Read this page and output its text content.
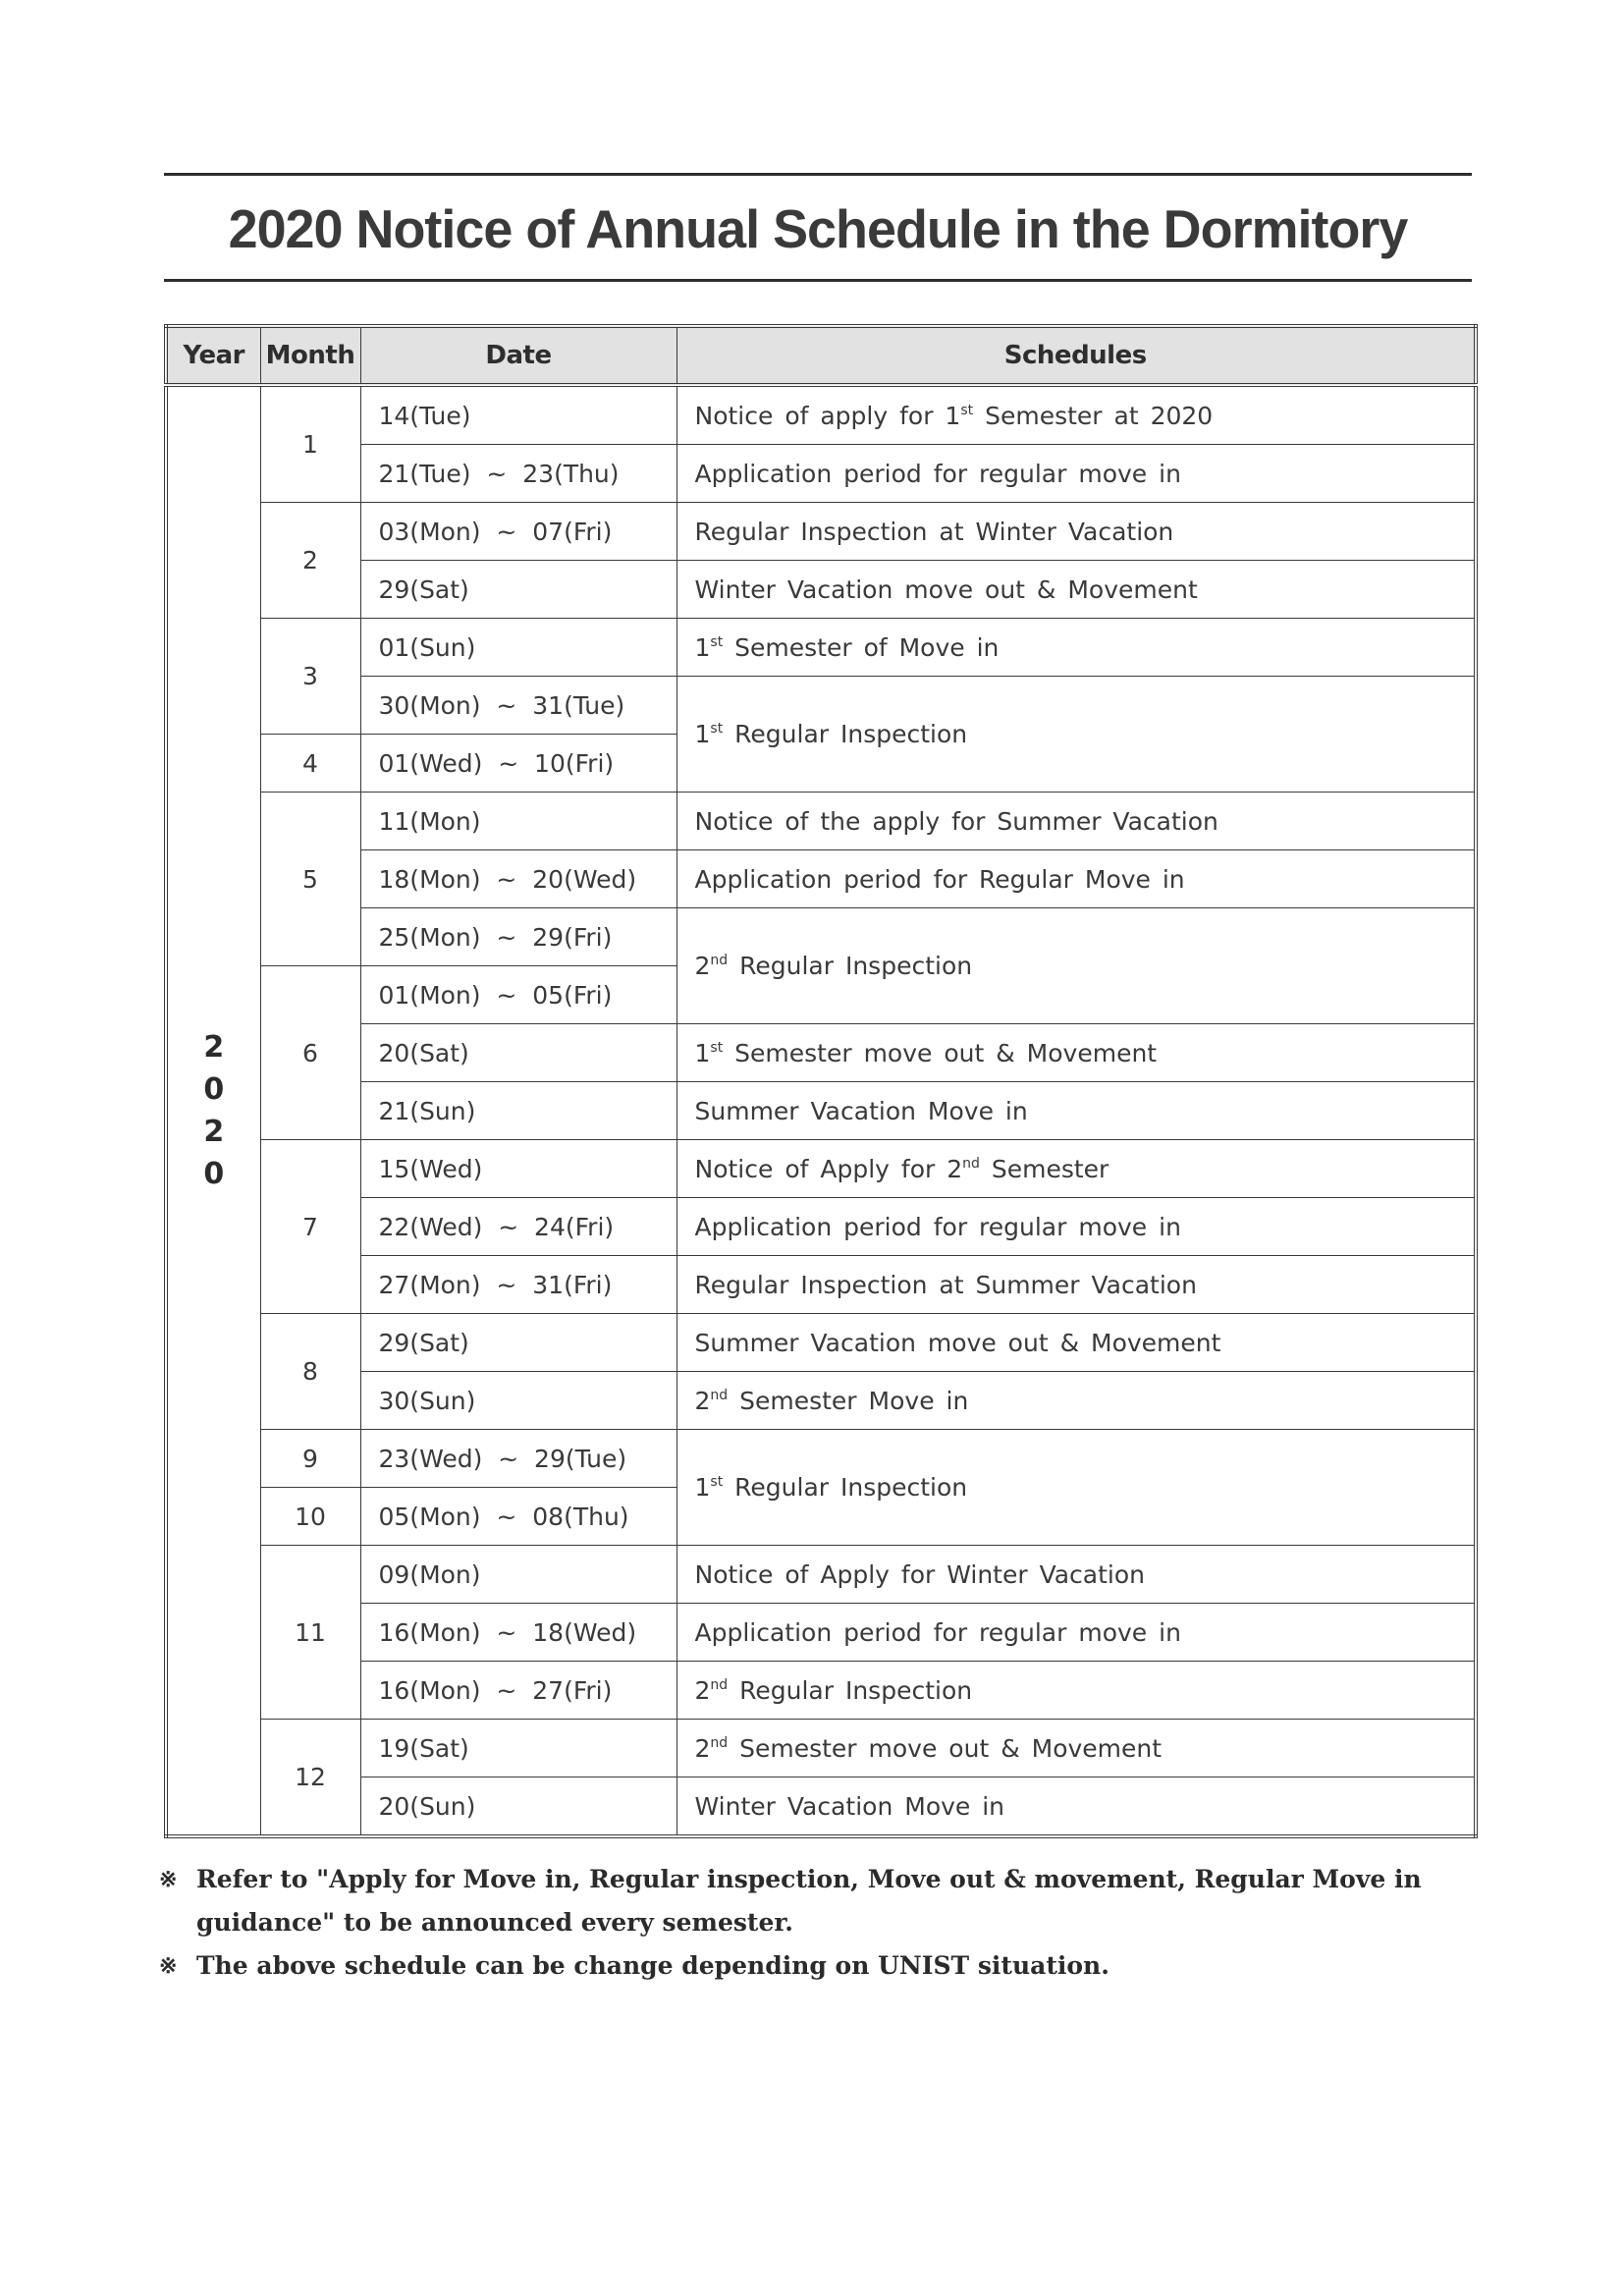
2020 Notice of Annual Schedule in the Dormitory
Year	Month	Date	Schedules
2
0
2
0	1	14(Tue)	Notice of apply for 1st Semester at 2020
		21(Tue)  ~  23(Thu)	Application period for regular move in
	2	03(Mon)  ~  07(Fri)	Regular Inspection at Winter Vacation
		29(Sat)	Winter Vacation move out & Movement
	3	01(Sun)	1st Semester of Move in
		30(Mon)  ~  31(Tue)	1st Regular Inspection
	4	01(Wed)  ~  10(Fri)	
	5	11(Mon)	Notice of the apply for Summer Vacation
		18(Mon)  ~  20(Wed)	Application period for Regular Move in
		25(Mon)  ~  29(Fri)	2nd Regular Inspection
	6	01(Mon)  ~  05(Fri)	
		20(Sat)	1st Semester move out & Movement
		21(Sun)	Summer Vacation Move in
	7	15(Wed)	Notice of Apply for 2nd Semester
		22(Wed)  ~  24(Fri)	Application period for regular move in
		27(Mon)  ~  31(Fri)	Regular Inspection at Summer Vacation
	8	29(Sat)	Summer Vacation move out & Movement
		30(Sun)	2nd Semester Move in
	9	23(Wed)  ~  29(Tue)	1st Regular Inspection
	10	05(Mon)  ~  08(Thu)	
	11	09(Mon)	Notice of Apply for Winter Vacation
		16(Mon)  ~  18(Wed)	Application period for regular move in
		16(Mon)  ~  27(Fri)	2nd Regular Inspection
	12	19(Sat)	2nd Semester move out & Movement
		20(Sun)	Winter Vacation Move in
※ Refer to "Apply for Move in, Regular inspection, Move out & movement, Regular Move in guidance" to be announced every semester.
※ The above schedule can be change depending on UNIST situation.
